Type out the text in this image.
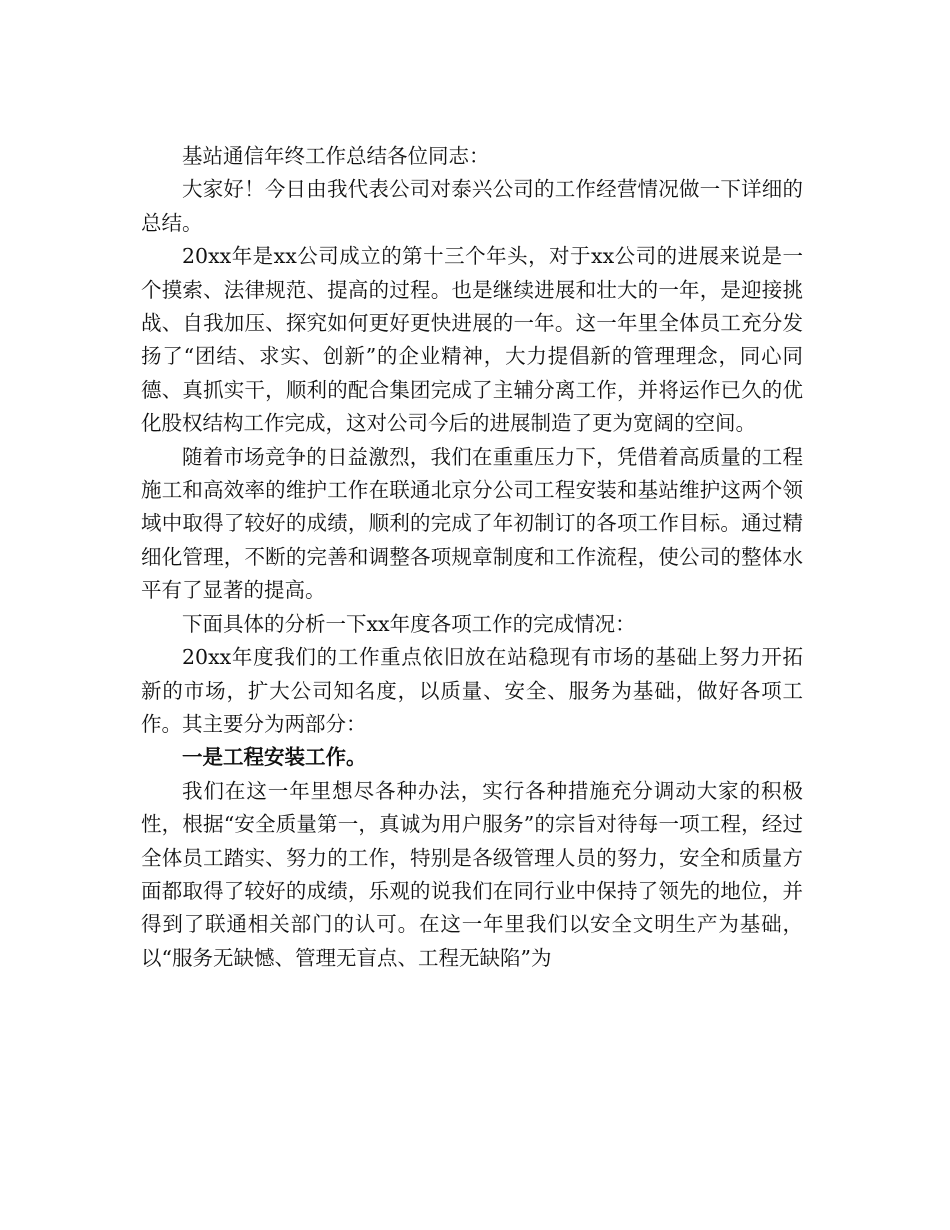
基站通信年终工作总结各位同志：

大家好！今日由我代表公司对泰兴公司的工作经营情况做一下详细的总结。

20xx年是xx公司成立的第十三个年头，对于xx公司的进展来说是一个摸索、法律规范、提高的过程。也是继续进展和壮大的一年，是迎接挑战、自我加压、探究如何更好更快进展的一年。这一年里全体员工充分发扬了“团结、求实、创新”的企业精神，大力提倡新的管理理念，同心同德、真抓实干，顺利的配合集团完成了主辅分离工作，并将运作已久的优化股权结构工作完成，这对公司今后的进展制造了更为宽阔的空间。

随着市场竞争的日益激烈，我们在重重压力下，凭借着高质量的工程施工和高效率的维护工作在联通北京分公司工程安装和基站维护这两个领域中取得了较好的成绩，顺利的完成了年初制订的各项工作目标。通过精细化管理，不断的完善和调整各项规章制度和工作流程，使公司的整体水平有了显著的提高。

下面具体的分析一下xx年度各项工作的完成情况：

20xx年度我们的工作重点依旧放在站稳现有市场的基础上努力开拓新的市场，扩大公司知名度，以质量、安全、服务为基础，做好各项工作。其主要分为两部分：

一是工程安装工作。

我们在这一年里想尽各种办法，实行各种措施充分调动大家的积极性，根据“安全质量第一，真诚为用户服务”的宗旨对待每一项工程，经过全体员工踏实、努力的工作，特别是各级管理人员的努力，安全和质量方面都取得了较好的成绩，乐观的说我们在同行业中保持了领先的地位，并得到了联通相关部门的认可。在这一年里我们以安全文明生产为基础，以“服务无缺憾、管理无盲点、工程无缺陷”为
